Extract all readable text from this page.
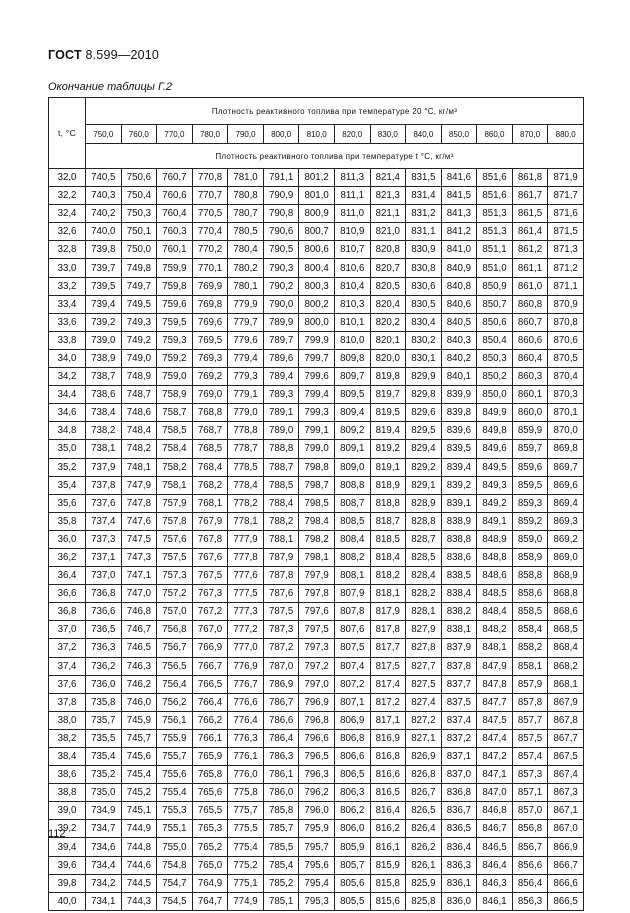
ГОСТ 8.599—2010
Окончание таблицы Г.2
t, °С	Плотность реактивного топлива при температуре 20 °С, кг/м³													
	750,0	760,0	770,0	780,0	790,0	800,0	810,0	820,0	830,0	840,0	850,0	860,0	870,0	880,0
	Плотность реактивного топлива при температуре t °С, кг/м³													
32,0	740,5	750,6	760,7	770,8	781,0	791,1	801,2	811,3	821,4	831,5	841,6	851,6	861,8	871,9
32,2	740,3	750,4	760,6	770,7	780,8	790,9	801,0	811,1	821,3	831,4	841,5	851,6	861,7	871,7
32,4	740,2	750,3	760,4	770,5	780,7	790,8	800,9	811,0	821,1	831,2	841,3	851,3	861,5	871,6
32,6	740,0	750,1	760,3	770,4	780,5	790,6	800,7	810,9	821,0	831,1	841,2	851,3	861,4	871,5
32,8	739,8	750,0	760,1	770,2	780,4	790,5	800,6	810,7	820,8	830,9	841,0	851,1	861,2	871,3
33,0	739,7	749,8	759,9	770,1	780,2	790,3	800,4	810,6	820,7	830,8	840,9	851,0	861,1	871,2
33,2	739,5	749,7	759,8	769,9	780,1	790,2	800,3	810,4	820,5	830,6	840,8	850,9	861,0	871,1
33,4	739,4	749,5	759,6	769,8	779,9	790,0	800,2	810,3	820,4	830,5	840,6	850,7	860,8	870,9
33,6	739,2	749,3	759,5	769,6	779,7	789,9	800,0	810,1	820,2	830,4	840,5	850,6	860,7	870,8
33,8	739,0	749,2	759,3	769,5	779,6	789,7	799,9	810,0	820,1	830,2	840,3	850,4	860,6	870,6
34,0	738,9	749,0	759,2	769,3	779,4	789,6	799,7	809,8	820,0	830,1	840,2	850,3	860,4	870,5
34,2	738,7	748,9	759,0	769,2	779,3	789,4	799,6	809,7	819,8	829,9	840,1	850,2	860,3	870,4
34,4	738,6	748,7	758,9	769,0	779,1	789,3	799,4	809,5	819,7	829,8	839,9	850,0	860,1	870,3
34,6	738,4	748,6	758,7	768,8	779,0	789,1	799,3	809,4	819,5	829,6	839,8	849,9	860,0	870,1
34,8	738,2	748,4	758,5	768,7	778,8	789,0	799,1	809,2	819,4	829,5	839,6	849,8	859,9	870,0
35,0	738,1	748,2	758,4	768,5	778,7	788,8	799,0	809,1	819,2	829,4	839,5	849,6	859,7	869,8
35,2	737,9	748,1	758,2	768,4	778,5	788,7	798,8	809,0	819,1	829,2	839,4	849,5	859,6	869,7
35,4	737,8	747,9	758,1	768,2	778,4	788,5	798,7	808,8	818,9	829,1	839,2	849,3	859,5	869,6
35,6	737,6	747,8	757,9	768,1	778,2	788,4	798,5	808,7	818,8	828,9	839,1	849,2	859,3	869,4
35,8	737,4	747,6	757,8	767,9	778,1	788,2	798,4	808,5	818,7	828,8	838,9	849,1	859,2	869,3
36,0	737,3	747,5	757,6	767,8	777,9	788,1	798,2	808,4	818,5	828,7	838,8	848,9	859,0	869,2
36,2	737,1	747,3	757,5	767,6	777,8	787,9	798,1	808,2	818,4	828,5	838,6	848,8	858,9	869,0
36,4	737,0	747,1	757,3	767,5	777,6	787,8	797,9	808,1	818,2	828,4	838,5	848,6	858,8	868,9
36,6	736,8	747,0	757,2	767,3	777,5	787,6	797,8	807,9	818,1	828,2	838,4	848,5	858,6	868,8
36,8	736,6	746,8	757,0	767,2	777,3	787,5	797,6	807,8	817,9	828,1	838,2	848,4	858,5	868,6
37,0	736,5	746,7	756,8	767,0	777,2	787,3	797,5	807,6	817,8	827,9	838,1	848,2	858,4	868,5
37,2	736,3	746,5	756,7	766,9	777,0	787,2	797,3	807,5	817,7	827,8	837,9	848,1	858,2	868,4
37,4	736,2	746,3	756,5	766,7	776,9	787,0	797,2	807,4	817,5	827,7	837,8	847,9	858,1	868,2
37,6	736,0	746,2	756,4	766,5	776,7	786,9	797,0	807,2	817,4	827,5	837,7	847,8	857,9	868,1
37,8	735,8	746,0	756,2	766,4	776,6	786,7	796,9	807,1	817,2	827,4	837,5	847,7	857,8	867,9
38,0	735,7	745,9	756,1	766,2	776,4	786,6	796,8	806,9	817,1	827,2	837,4	847,5	857,7	867,8
38,2	735,5	745,7	755,9	766,1	776,3	786,4	796,6	806,8	816,9	827,1	837,2	847,4	857,5	867,7
38,4	735,4	745,6	755,7	765,9	776,1	786,3	796,5	806,6	816,8	826,9	837,1	847,2	857,4	867,5
38,6	735,2	745,4	755,6	765,8	776,0	786,1	796,3	806,5	816,6	826,8	837,0	847,1	857,3	867,4
38,8	735,0	745,2	755,4	765,6	775,8	786,0	796,2	806,3	816,5	826,7	836,8	847,0	857,1	867,3
39,0	734,9	745,1	755,3	765,5	775,7	785,8	796,0	806,2	816,4	826,5	836,7	846,8	857,0	867,1
39,2	734,7	744,9	755,1	765,3	775,5	785,7	795,9	806,0	816,2	826,4	836,5	846,7	856,8	867,0
39,4	734,6	744,8	755,0	765,2	775,4	785,5	795,7	805,9	816,1	826,2	836,4	846,5	856,7	866,9
39,6	734,4	744,6	754,8	765,0	775,2	785,4	795,6	805,7	815,9	826,1	836,3	846,4	856,6	866,7
39,8	734,2	744,5	754,7	764,9	775,1	785,2	795,4	805,6	815,8	825,9	836,1	846,3	856,4	866,6
40,0	734,1	744,3	754,5	764,7	774,9	785,1	795,3	805,5	815,6	825,8	836,0	846,1	856,3	866,5
112
